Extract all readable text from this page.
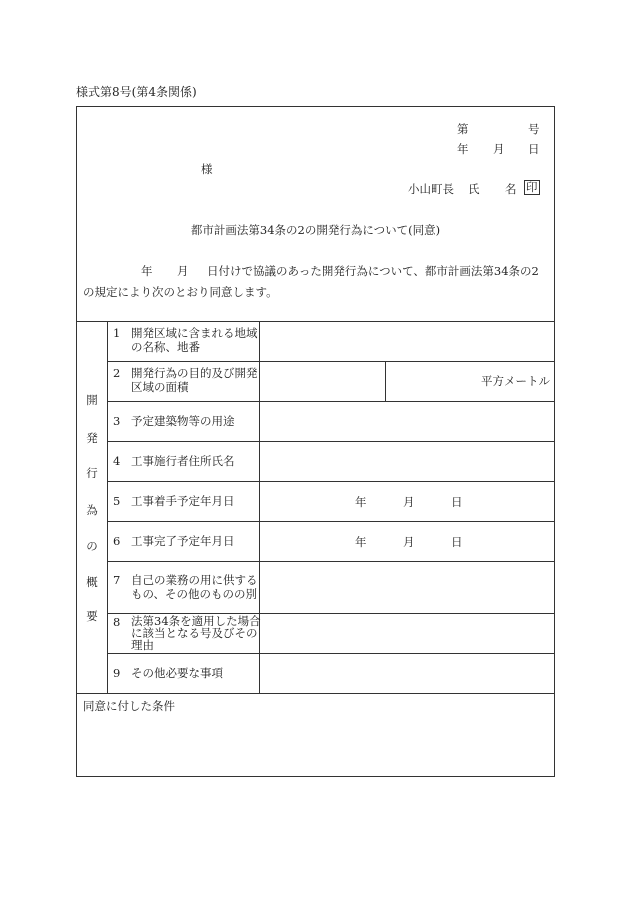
様式第8号(第4条関係)
第	号
年 月 日
様
小山町長 氏 名 印
都市計画法第34条の2の開発行為について(同意)
年 月 日付けで協議のあった開発行為について、都市計画法第34条の2
の規定により次のとおり同意します。
開
発
行
為
の
概
要
1 開発区域に含まれる地域の名称、地番
2 開発行為の目的及び開発区域の面積	平方メートル
3 予定建築物等の用途
4 工事施行者住所氏名
5 工事着手予定年月日	年	月	日
6 工事完了予定年月日	年	月	日
7 自己の業務の用に供するもの、その他のものの別
8 法第34条を適用した場合に該当となる号及びその理由
9 その他必要な事項
同意に付した条件
